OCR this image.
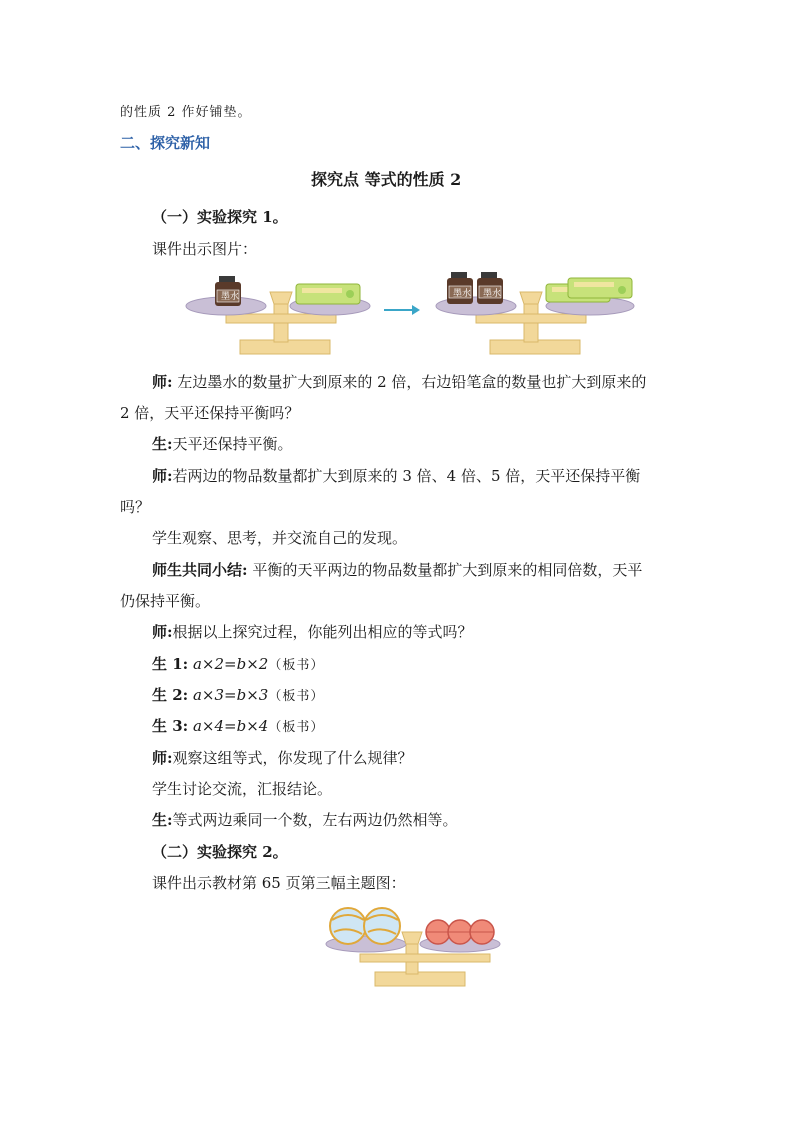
的性质 2 作好铺垫。
二、探究新知
探究点 等式的性质 2
（一）实验探究 1。
课件出示图片：
墨水	墨水 墨水
师: 左边墨水的数量扩大到原来的 2 倍，右边铅笔盒的数量也扩大到原来的
2 倍，天平还保持平衡吗？
生:天平还保持平衡。
师:若两边的物品数量都扩大到原来的 3 倍、4 倍、5 倍，天平还保持平衡
吗？
学生观察、思考，并交流自己的发现。
师生共同小结: 平衡的天平两边的物品数量都扩大到原来的相同倍数，天平
仍保持平衡。
师:根据以上探究过程，你能列出相应的等式吗？
生 1: a×2=b×2（板书）
生 2: a×3=b×3（板书）
生 3: a×4=b×4（板书）
师:观察这组等式，你发现了什么规律？
学生讨论交流，汇报结论。
生:等式两边乘同一个数，左右两边仍然相等。
（二）实验探究 2。
课件出示教材第 65 页第三幅主题图：
